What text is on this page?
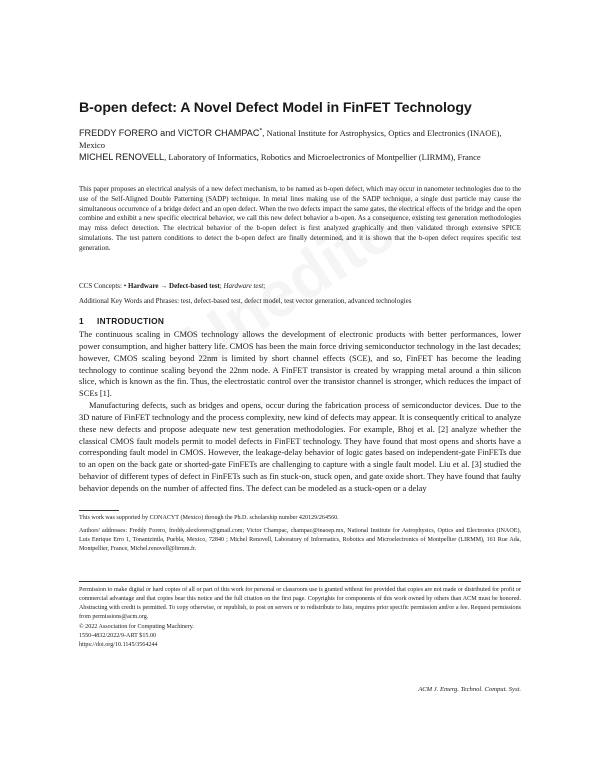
B-open defect: A Novel Defect Model in FinFET Technology
FREDDY FORERO and VICTOR CHAMPAC*, National Institute for Astrophysics, Optics and Electronics (INAOE), Mexico
MICHEL RENOVELL, Laboratory of Informatics, Robotics and Microelectronics of Montpellier (LIRMM), France

This paper proposes an electrical analysis of a new defect mechanism, to be named as b-open defect, which may occur in nanometer technologies due to the use of the Self-Aligned Double Patterning (SADP) technique. In metal lines making use of the SADP technique, a single dust particle may cause the simultaneous occurrence of a bridge defect and an open defect. When the two defects impact the same gates, the electrical effects of the bridge and the open combine and exhibit a new specific electrical behavior, we call this new defect behavior a b-open. As a consequence, existing test generation methodologies may miss defect detection. The electrical behavior of the b-open defect is first analyzed graphically and then validated through extensive SPICE simulations. The test pattern conditions to detect the b-open defect are finally determined, and it is shown that the b-open defect requires specific test generation.

CCS Concepts: • Hardware → Defect-based test; Hardware test;

Additional Key Words and Phrases: test, defect-based test, defect model, test vector generation, advanced technologies

1 INTRODUCTION

The continuous scaling in CMOS technology allows the development of electronic products with better performances, lower power consumption, and higher battery life. CMOS has been the main force driving semiconductor technology in the last decades; however, CMOS scaling beyond 22nm is limited by short channel effects (SCE), and so, FinFET has become the leading technology to continue scaling beyond the 22nm node. A FinFET transistor is created by wrapping metal around a thin silicon slice, which is known as the fin. Thus, the electrostatic control over the transistor channel is stronger, which reduces the impact of SCEs [1].

Manufacturing defects, such as bridges and opens, occur during the fabrication process of semiconductor devices. Due to the 3D nature of FinFET technology and the process complexity, new kind of defects may appear. It is consequently critical to analyze these new defects and propose adequate new test generation methodologies. For example, Bhoj et al. [2] analyze whether the classical CMOS fault models permit to model defects in FinFET technology. They have found that most opens and shorts have a corresponding fault model in CMOS. However, the leakage-delay behavior of logic gates based on independent-gate FinFETs due to an open on the back gate or shorted-gate FinFETs are challenging to capture with a single fault model. Liu et al. [3] studied the behavior of different types of defect in FinFETs such as fin stuck-on, stuck open, and gate oxide short. They have found that faulty behavior depends on the number of affected fins. The defect can be modeled as a stuck-open or a delay

This work was supported by CONACYT (Mexico) through the Ph.D. scholarship number 420129/264560.

Authors' addresses: Freddy Forero, freddy.alexforero@gmail.com; Victor Champac, champac@inaoep.mx, National Institute for Astrophysics, Optics and Electronics (INAOE), Luis Enrique Erro 1, Tonantzintla, Puebla, Mexico, 72840 ; Michel Renovell, Laboratory of Informatics, Robotics and Microelectronics of Montpellier (LIRMM), 161 Rue Ada, Montpellier, France, Michel.renovell@lirmm.fr.

Permission to make digital or hard copies of all or part of this work for personal or classroom use is granted without fee provided that copies are not made or distributed for profit or commercial advantage and that copies bear this notice and the full citation on the first page. Copyrights for components of this work owned by others than ACM must be honored. Abstracting with credit is permitted. To copy otherwise, or republish, to post on servers or to redistribute to lists, requires prior specific permission and/or a fee. Request permissions from permissions@acm.org.

© 2022 Association for Computing Machinery.

1550-4832/2022/9-ART $15.00

https://doi.org/10.1145/3564244

ACM J. Emerg. Technol. Comput. Syst.
